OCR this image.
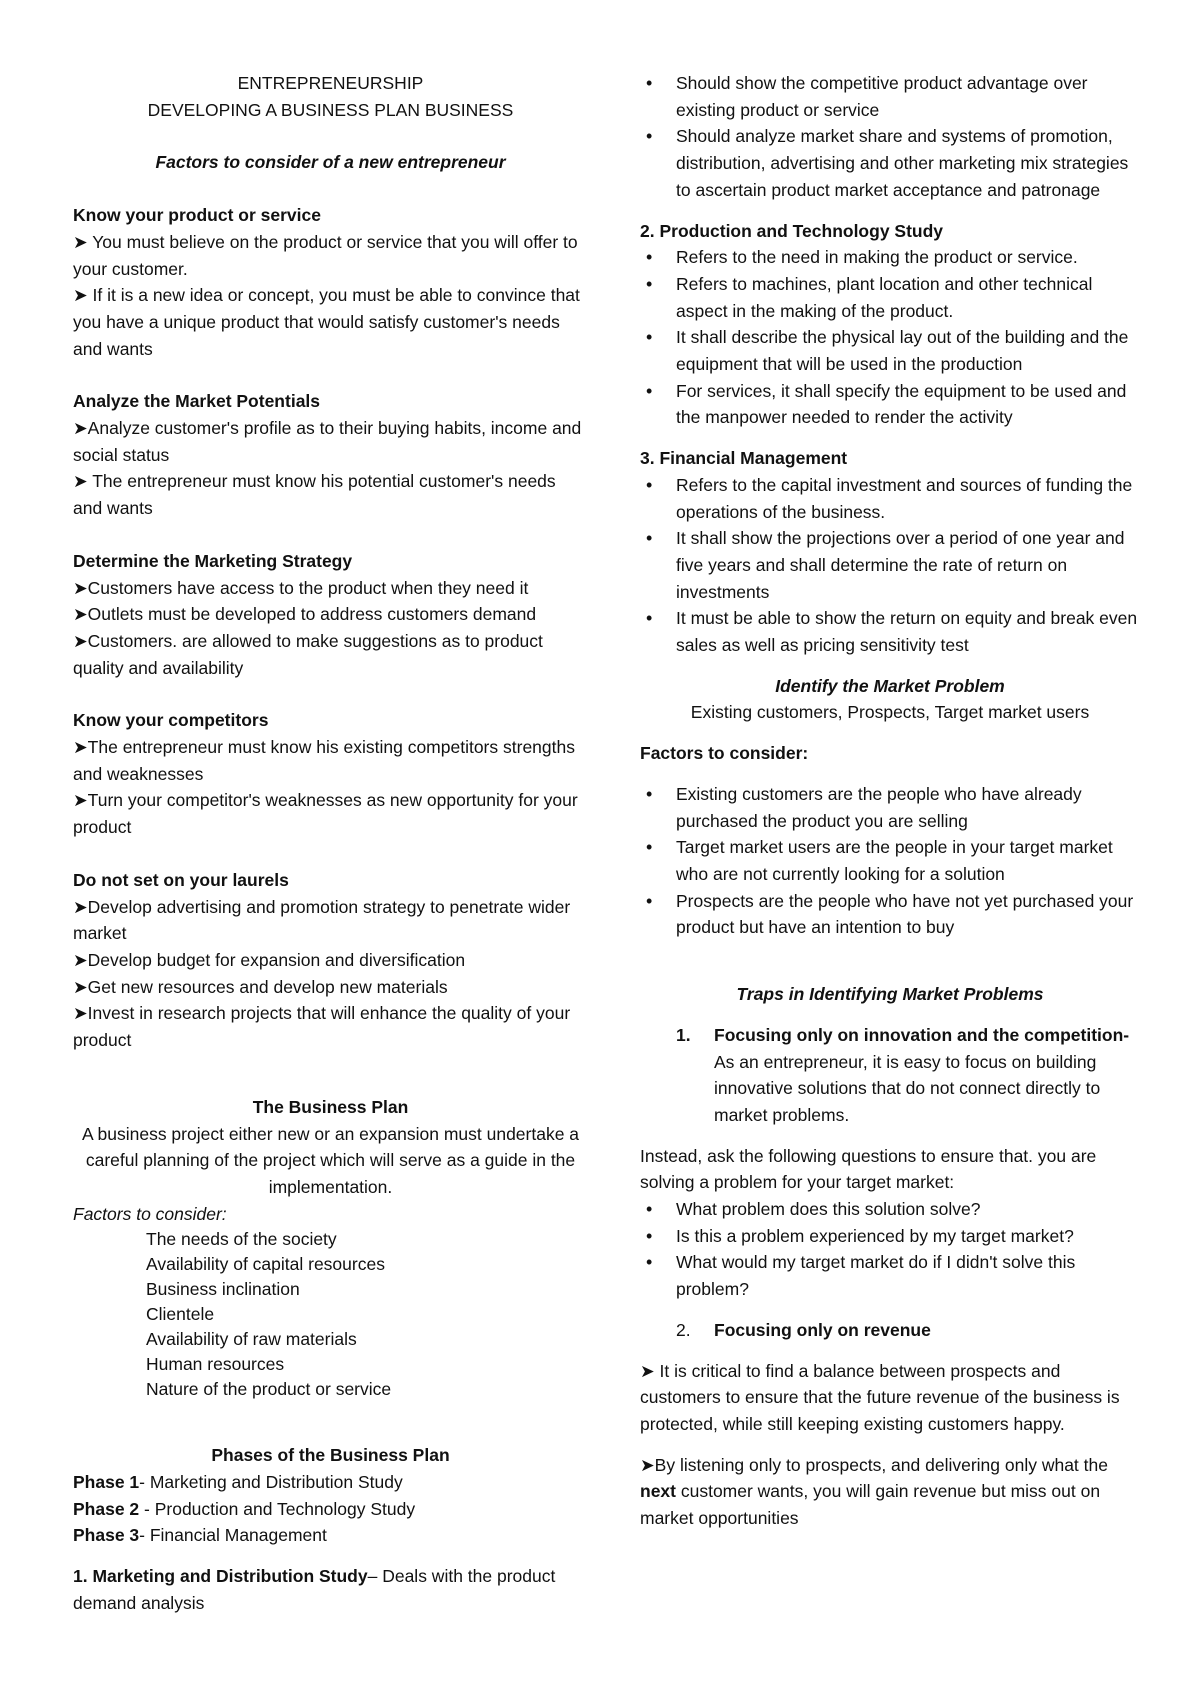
ENTREPRENEURSHIP

DEVELOPING A BUSINESS PLAN BUSINESS

Factors to consider of a new entrepreneur

Know your product or service

➤ You must believe on the product or service that you will offer to your customer.

➤ If it is a new idea or concept, you must be able to convince that you have a unique product that would satisfy customer's needs and wants

Analyze the Market Potentials

➤ Analyze customer's profile as to their buying habits, income and social status

➤ The entrepreneur must know his potential customer's needs and wants

Determine the Marketing Strategy

➤ Customers have access to the product when they need it

➤ Outlets must be developed to address customers demand

➤ Customers. are allowed to make suggestions as to product quality and availability

Know your competitors

➤ The entrepreneur must know his existing competitors strengths and weaknesses

➤ Turn your competitor's weaknesses as new opportunity for your product

Do not set on your laurels

➤ Develop advertising and promotion strategy to penetrate wider market

➤ Develop budget for expansion and diversification

➤ Get new resources and develop new materials

➤ Invest in research projects that will enhance the quality of your product

The Business Plan

A business project either new or an expansion must undertake a careful planning of the project which will serve as a guide in the implementation.

Factors to consider:

The needs of the society

Availability of capital resources

Business inclination

Clientele

Availability of raw materials

Human resources

Nature of the product or service

Phases of the Business Plan

Phase 1- Marketing and Distribution Study

Phase 2 - Production and Technology Study

Phase 3- Financial Management

1. Marketing and Distribution Study– Deals with the product demand analysis

• Should show the competitive product advantage over existing product or service
• Should analyze market share and systems of promotion, distribution, advertising and other marketing mix strategies to ascertain product market acceptance and patronage

2. Production and Technology Study

• Refers to the need in making the product or service.
• Refers to machines, plant location and other technical aspect in the making of the product.
• It shall describe the physical lay out of the building and the equipment that will be used in the production
• For services, it shall specify the equipment to be used and the manpower needed to render the activity

3. Financial Management

• Refers to the capital investment and sources of funding the operations of the business.
• It shall show the projections over a period of one year and five years and shall determine the rate of return on investments
• It must be able to show the return on equity and break even sales as well as pricing sensitivity test

Identify the Market Problem

Existing customers, Prospects, Target market users

Factors to consider:

• Existing customers are the people who have already purchased the product you are selling
• Target market users are the people in your target market who are not currently looking for a solution
• Prospects are the people who have not yet purchased your product but have an intention to buy

Traps in Identifying Market Problems

1. Focusing only on innovation and the competition-

As an entrepreneur, it is easy to focus on building innovative solutions that do not connect directly to market problems.

Instead, ask the following questions to ensure that. you are solving a problem for your target market:

• What problem does this solution solve?
• Is this a problem experienced by my target market?
• What would my target market do if I didn't solve this problem?
2. Focusing only on revenue

➤ It is critical to find a balance between prospects and customers to ensure that the future revenue of the business is protected, while still keeping existing customers happy.

➤ By listening only to prospects, and delivering only what the next customer wants, you will gain revenue but miss out on market opportunities
